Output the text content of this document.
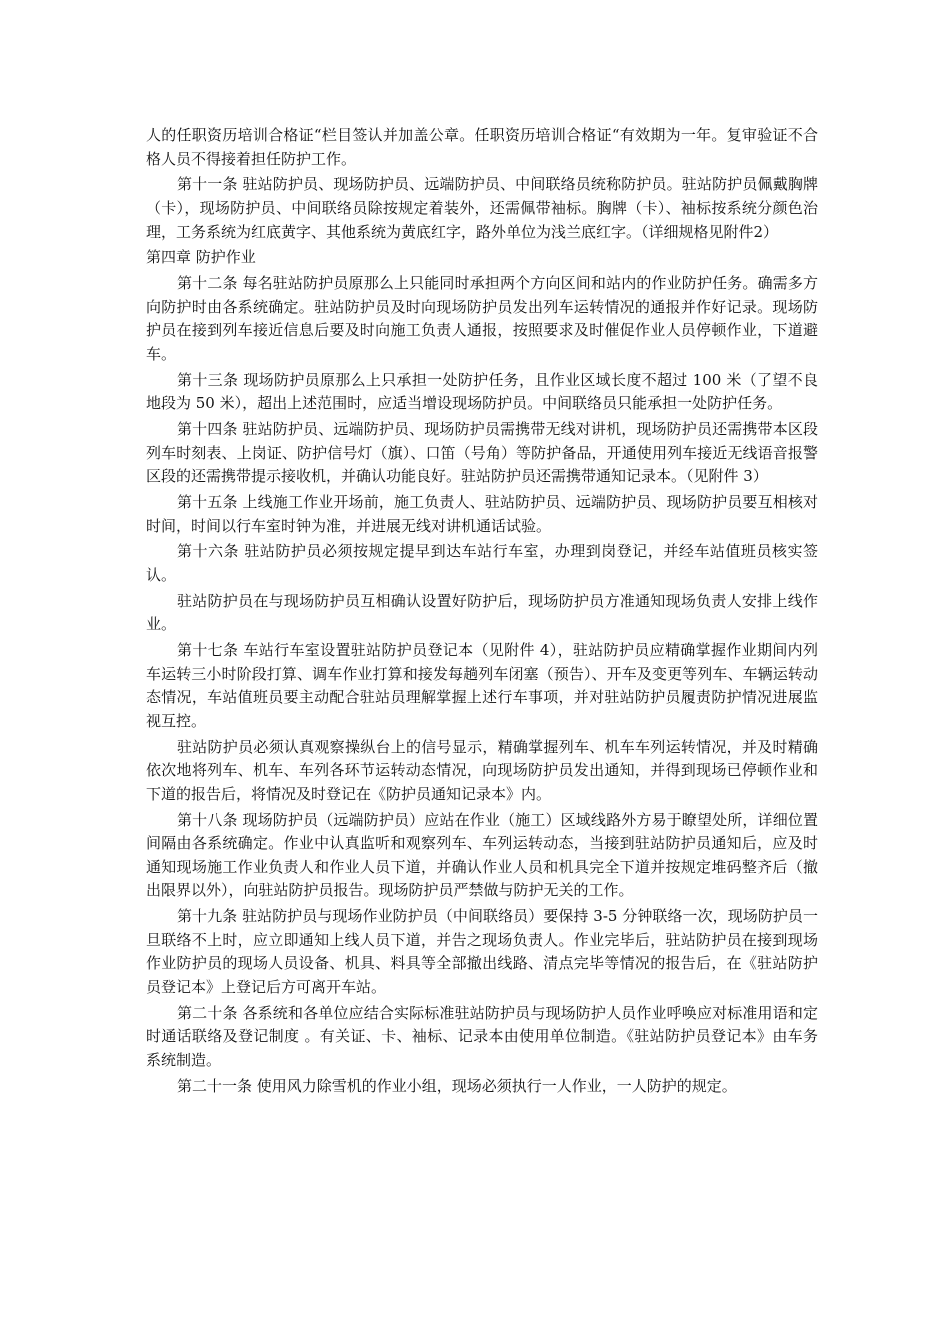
人的任职资历培训合格证“栏目签认并加盖公章。任职资历培训合格证“有效期为一年。复审验证不合格人员不得接着担任防护工作。

第十一条 驻站防护员、现场防护员、远端防护员、中间联络员统称防护员。驻站防护员佩戴胸牌（卡），现场防护员、中间联络员除按规定着装外，还需佩带袖标。胸牌（卡）、袖标按系统分颜色治理，工务系统为红底黄字、其他系统为黄底红字，路外单位为浅兰底红字。（详细规格见附件2）

第四章 防护作业

第十二条 每名驻站防护员原那么上只能同时承担两个方向区间和站内的作业防护任务。确需多方向防护时由各系统确定。驻站防护员及时向现场防护员发出列车运转情况的通报并作好记录。现场防护员在接到列车接近信息后要及时向施工负责人通报，按照要求及时催促作业人员停顿作业，下道避车。

第十三条 现场防护员原那么上只承担一处防护任务，且作业区域长度不超过 100 米（了望不良地段为 50 米），超出上述范围时，应适当增设现场防护员。中间联络员只能承担一处防护任务。

第十四条 驻站防护员、远端防护员、现场防护员需携带无线对讲机，现场防护员还需携带本区段列车时刻表、上岗证、防护信号灯（旗）、口笛（号角）等防护备品，开通使用列车接近无线语音报警区段的还需携带提示接收机，并确认功能良好。驻站防护员还需携带通知记录本。（见附件 3）

第十五条 上线施工作业开场前，施工负责人、驻站防护员、远端防护员、现场防护员要互相核对时间，时间以行车室时钟为准，并进展无线对讲机通话试验。

第十六条 驻站防护员必须按规定提早到达车站行车室，办理到岗登记，并经车站值班员核实签认。

驻站防护员在与现场防护员互相确认设置好防护后，现场防护员方准通知现场负责人安排上线作业。

第十七条 车站行车室设置驻站防护员登记本（见附件 4），驻站防护员应精确掌握作业期间内列车运转三小时阶段打算、调车作业打算和接发每趟列车闭塞（预告）、开车及变更等列车、车辆运转动态情况，车站值班员要主动配合驻站员理解掌握上述行车事项，并对驻站防护员履责防护情况进展监视互控。

驻站防护员必须认真观察操纵台上的信号显示，精确掌握列车、机车车列运转情况，并及时精确依次地将列车、机车、车列各环节运转动态情况，向现场防护员发出通知，并得到现场已停顿作业和下道的报告后，将情况及时登记在《防护员通知记录本》内。

第十八条 现场防护员（远端防护员）应站在作业（施工）区域线路外方易于瞭望处所，详细位置间隔由各系统确定。作业中认真监听和观察列车、车列运转动态，当接到驻站防护员通知后，应及时通知现场施工作业负责人和作业人员下道，并确认作业人员和机具完全下道并按规定堆码整齐后（撤出限界以外），向驻站防护员报告。现场防护员严禁做与防护无关的工作。

第十九条 驻站防护员与现场作业防护员（中间联络员）要保持 3-5 分钟联络一次，现场防护员一旦联络不上时，应立即通知上线人员下道，并告之现场负责人。作业完毕后，驻站防护员在接到现场作业防护员的现场人员设备、机具、料具等全部撤出线路、清点完毕等情况的报告后，在《驻站防护员登记本》上登记后方可离开车站。

第二十条 各系统和各单位应结合实际标准驻站防护员与现场防护人员作业呼唤应对标准用语和定时通话联络及登记制度 。有关证、卡、袖标、记录本由使用单位制造。《驻站防护员登记本》由车务系统制造。

第二十一条 使用风力除雪机的作业小组，现场必须执行一人作业，一人防护的规定。
